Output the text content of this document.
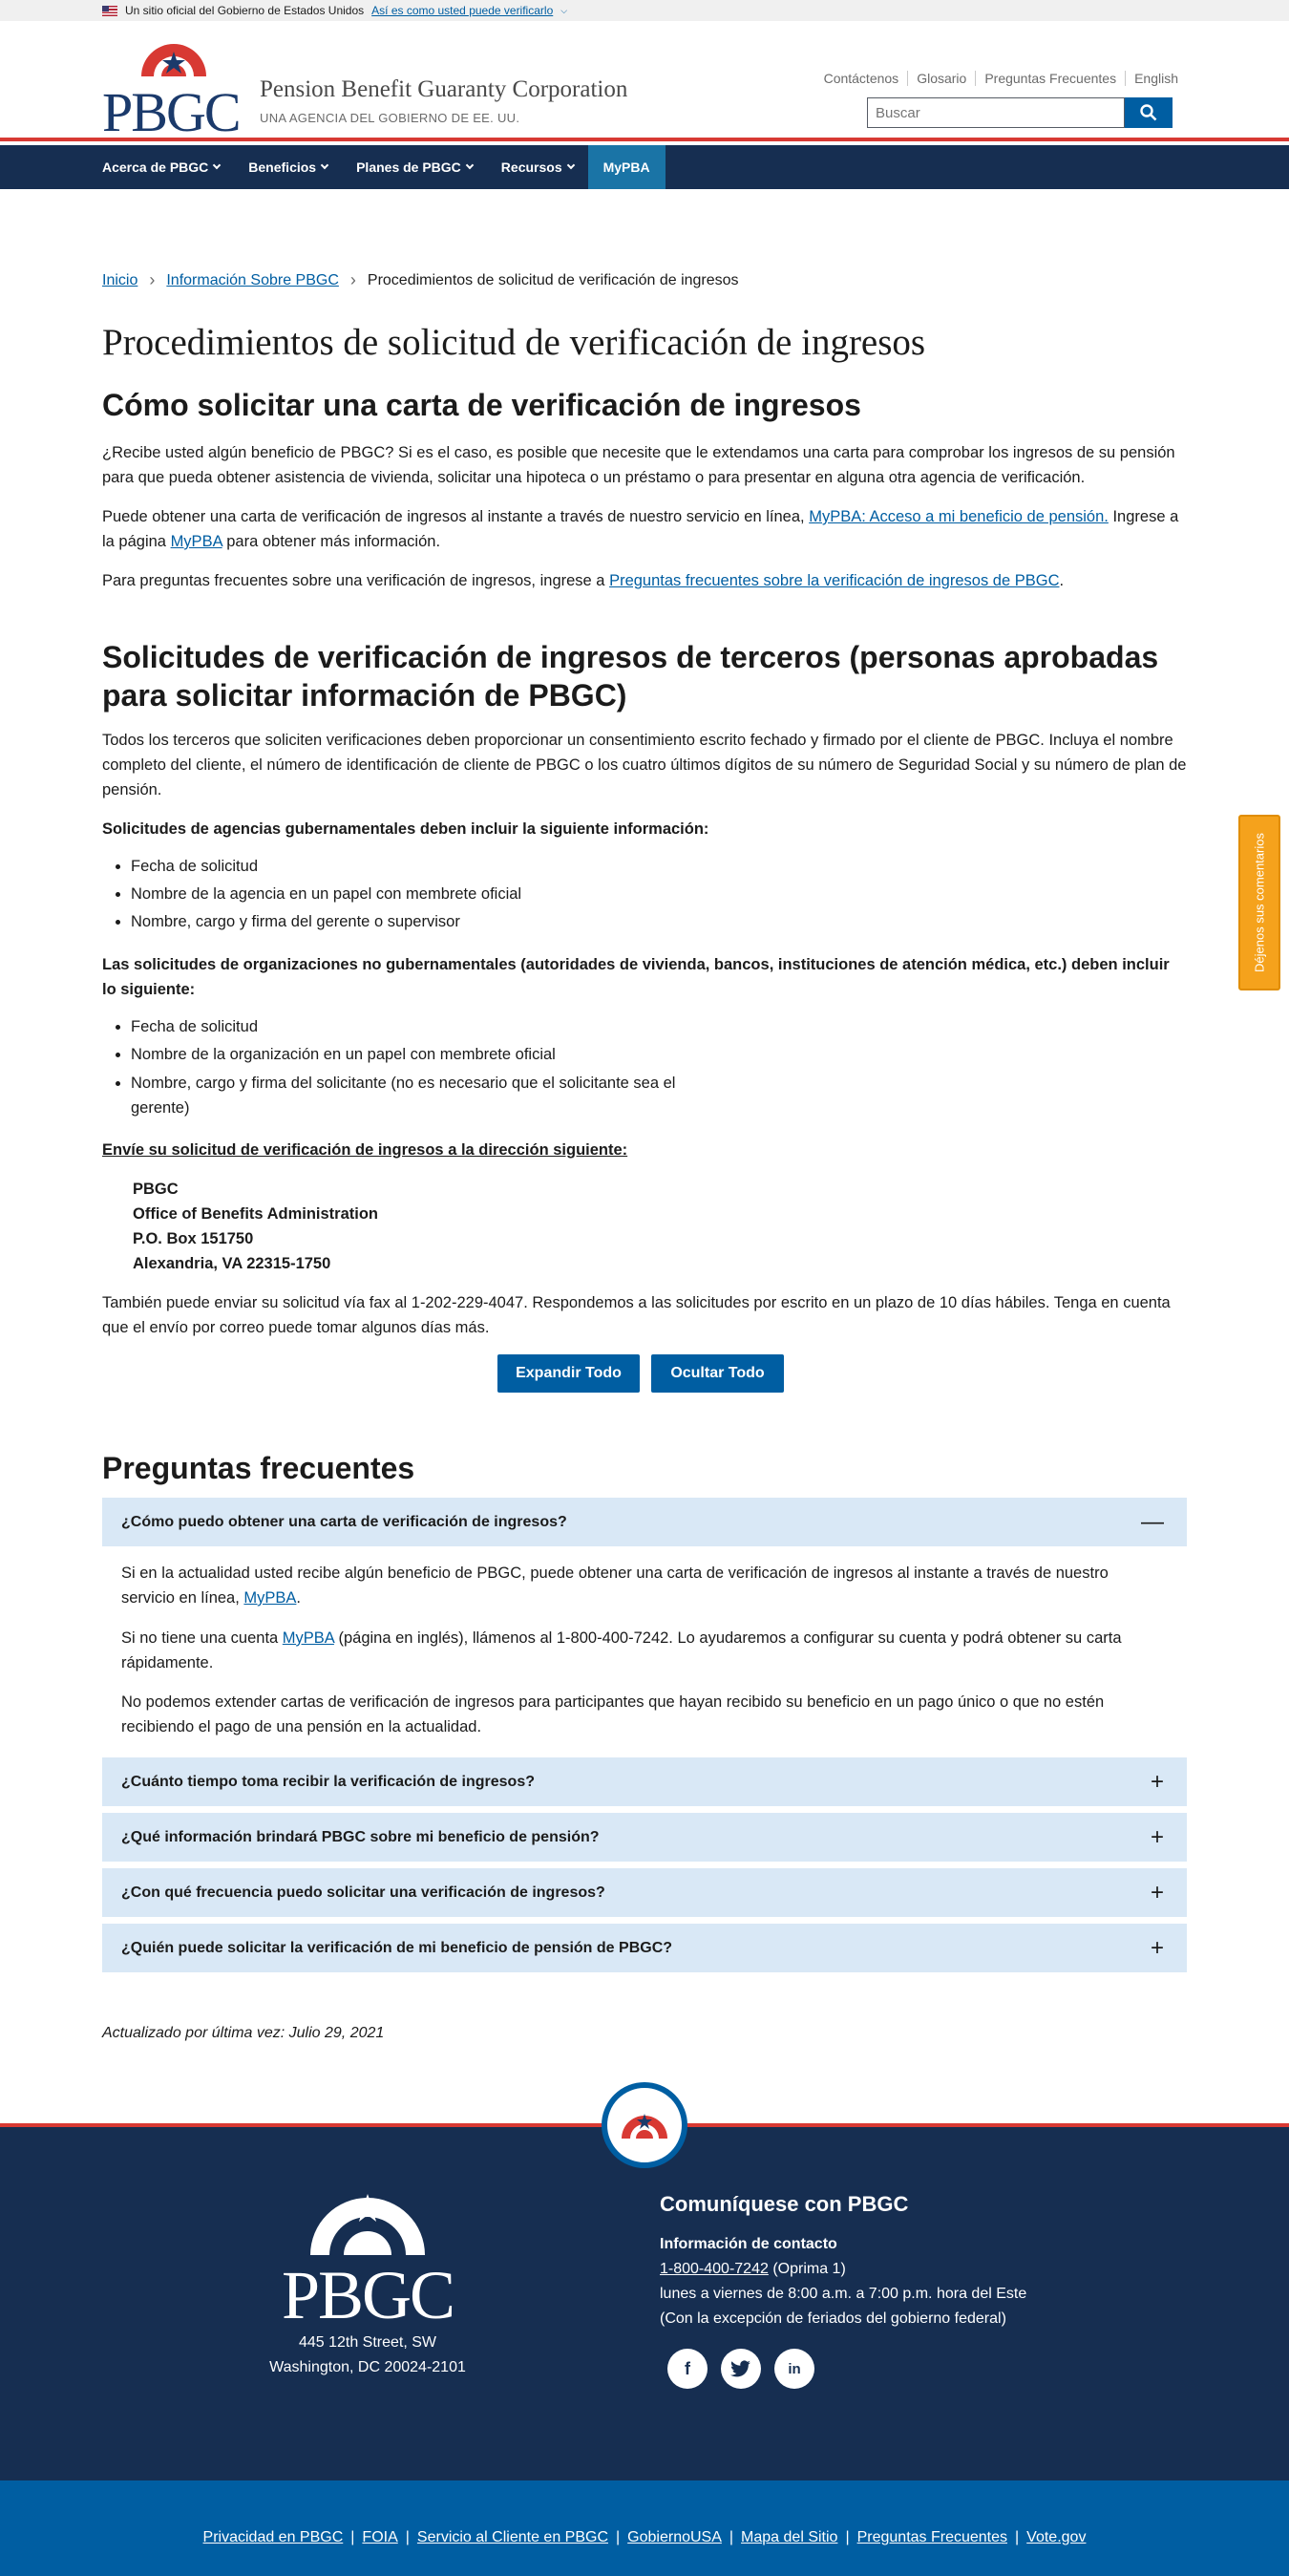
Un sitio oficial del Gobierno de Estados Unidos Así es como usted puede verificarlo ⌵
PBGC Pension Benefit Guaranty Corporation
UNA AGENCIA DEL GOBIERNO DE EE. UU.
Contáctenos	Glosario	Preguntas Frecuentes	English
Buscar
Acerca de PBGC	Beneficios	Planes de PBGC	Recursos	MyPBA
Inicio › Información Sobre PBGC › Procedimientos de solicitud de verificación de ingresos
Procedimientos de solicitud de verificación de ingresos
Cómo solicitar una carta de verificación de ingresos

¿Recibe usted algún beneficio de PBGC? Si es el caso, es posible que necesite que le extendamos una carta para comprobar los ingresos de su pensión para que pueda obtener asistencia de vivienda, solicitar una hipoteca o un préstamo o para presentar en alguna otra agencia de verificación.

Puede obtener una carta de verificación de ingresos al instante a través de nuestro servicio en línea, MyPBA: Acceso a mi beneficio de pensión. Ingrese a la página MyPBA para obtener más información.

Para preguntas frecuentes sobre una verificación de ingresos, ingrese a Preguntas frecuentes sobre la verificación de ingresos de PBGC.

Solicitudes de verificación de ingresos de terceros (personas aprobadas para solicitar información de PBGC)

Todos los terceros que soliciten verificaciones deben proporcionar un consentimiento escrito fechado y firmado por el cliente de PBGC. Incluya el nombre completo del cliente, el número de identificación de cliente de PBGC o los cuatro últimos dígitos de su número de Seguridad Social y su número de plan de pensión.

Solicitudes de agencias gubernamentales deben incluir la siguiente información:

• Fecha de solicitud
• Nombre de la agencia en un papel con membrete oficial
• Nombre, cargo y firma del gerente o supervisor

Las solicitudes de organizaciones no gubernamentales (autoridades de vivienda, bancos, instituciones de atención médica, etc.) deben incluir lo siguiente:

• Fecha de solicitud
• Nombre de la organización en un papel con membrete oficial
• Nombre, cargo y firma del solicitante (no es necesario que el solicitante sea el gerente)

Envíe su solicitud de verificación de ingresos a la dirección siguiente:

PBGC
Office of Benefits Administration
P.O. Box 151750
Alexandria, VA 22315-1750

También puede enviar su solicitud vía fax al 1-202-229-4047. Respondemos a las solicitudes por escrito en un plazo de 10 días hábiles. Tenga en cuenta que el envío por correo puede tomar algunos días más.

Expandir Todo	Ocultar Todo
Preguntas frecuentes
¿Cómo puedo obtener una carta de verificación de ingresos?	—

Si en la actualidad usted recibe algún beneficio de PBGC, puede obtener una carta de verificación de ingresos al instante a través de nuestro servicio en línea, MyPBA.

Si no tiene una cuenta MyPBA (página en inglés), llámenos al 1-800-400-7242. Lo ayudaremos a configurar su cuenta y podrá obtener su carta rápidamente.

No podemos extender cartas de verificación de ingresos para participantes que hayan recibido su beneficio en un pago único o que no estén recibiendo el pago de una pensión en la actualidad.

¿Cuánto tiempo toma recibir la verificación de ingresos?	+
¿Qué información brindará PBGC sobre mi beneficio de pensión?	+
¿Con qué frecuencia puedo solicitar una verificación de ingresos?	+
¿Quién puede solicitar la verificación de mi beneficio de pensión de PBGC?	+

Actualizado por última vez: Julio 29, 2021

Déjenos sus comentarios
PBGC
445 12th Street, SW
Washington, DC 20024-2101
Comuníquese con PBGC
Información de contacto
1-800-400-7242 (Oprima 1)
lunes a viernes de 8:00 a.m. a 7:00 p.m. hora del Este
(Con la excepción de feriados del gobierno federal)
f	in
Privacidad en PBGC | FOIA | Servicio al Cliente en PBGC | GobiernoUSA | Mapa del Sitio | Preguntas Frecuentes | Vote.gov
